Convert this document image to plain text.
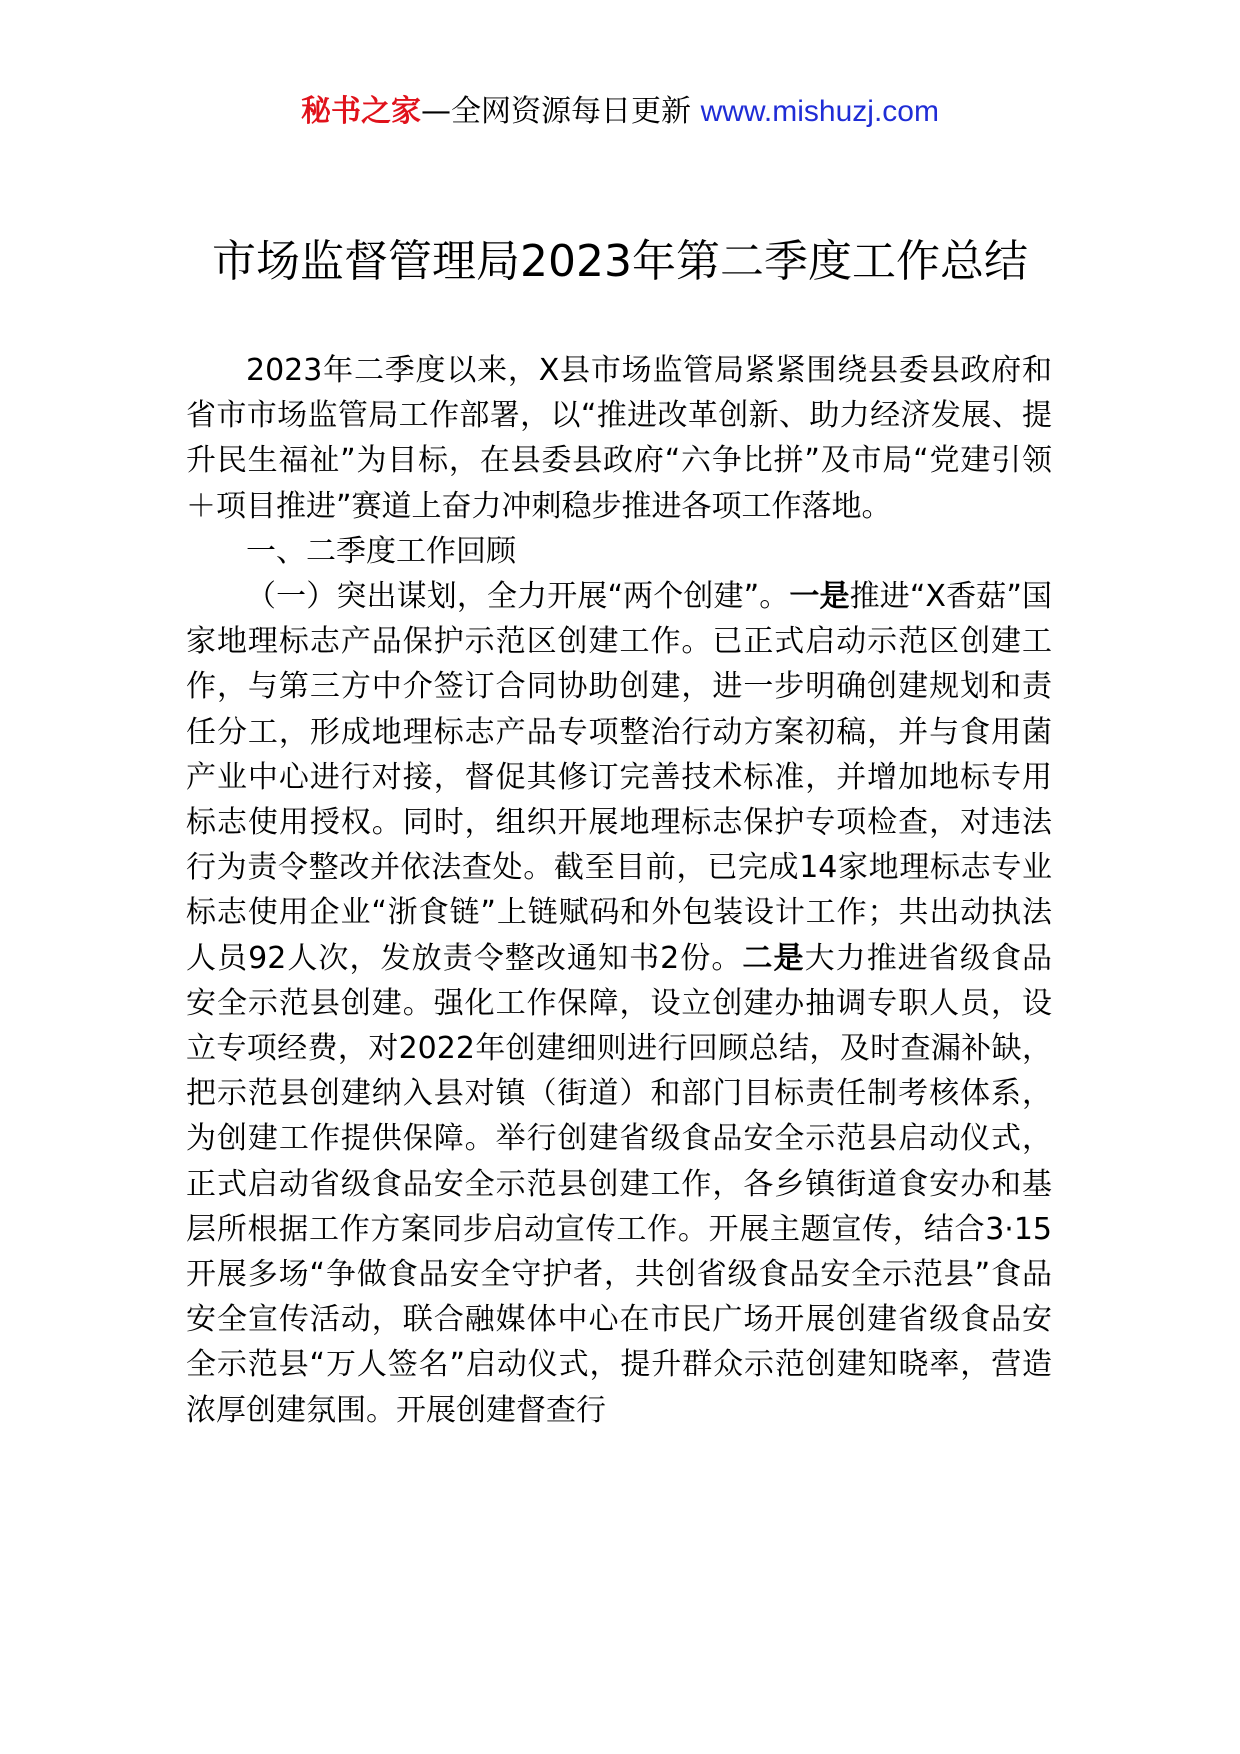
秘书之家—全网资源每日更新 www.mishuzj.com
市场监督管理局2023年第二季度工作总结

2023年二季度以来，X县市场监管局紧紧围绕县委县政府和省市市场监管局工作部署，以“推进改革创新、助力经济发展、提升民生福祉”为目标，在县委县政府“六争比拼”及市局“党建引领＋项目推进”赛道上奋力冲刺稳步推进各项工作落地。

一、二季度工作回顾

（一）突出谋划，全力开展“两个创建”。一是推进“X香菇”国家地理标志产品保护示范区创建工作。已正式启动示范区创建工作，与第三方中介签订合同协助创建，进一步明确创建规划和责任分工，形成地理标志产品专项整治行动方案初稿，并与食用菌产业中心进行对接，督促其修订完善技术标准，并增加地标专用标志使用授权。同时，组织开展地理标志保护专项检查，对违法行为责令整改并依法查处。截至目前，已完成14家地理标志专业标志使用企业“浙食链”上链赋码和外包装设计工作；共出动执法人员92人次，发放责令整改通知书2份。二是大力推进省级食品安全示范县创建。强化工作保障，设立创建办抽调专职人员，设立专项经费，对2022年创建细则进行回顾总结，及时查漏补缺，把示范县创建纳入县对镇（街道）和部门目标责任制考核体系，为创建工作提供保障。举行创建省级食品安全示范县启动仪式，正式启动省级食品安全示范县创建工作，各乡镇街道食安办和基层所根据工作方案同步启动宣传工作。开展主题宣传，结合3·15开展多场“争做食品安全守护者，共创省级食品安全示范县”食品安全宣传活动，联合融媒体中心在市民广场开展创建省级食品安全示范县“万人签名”启动仪式，提升群众示范创建知晓率，营造浓厚创建氛围。开展创建督查行
